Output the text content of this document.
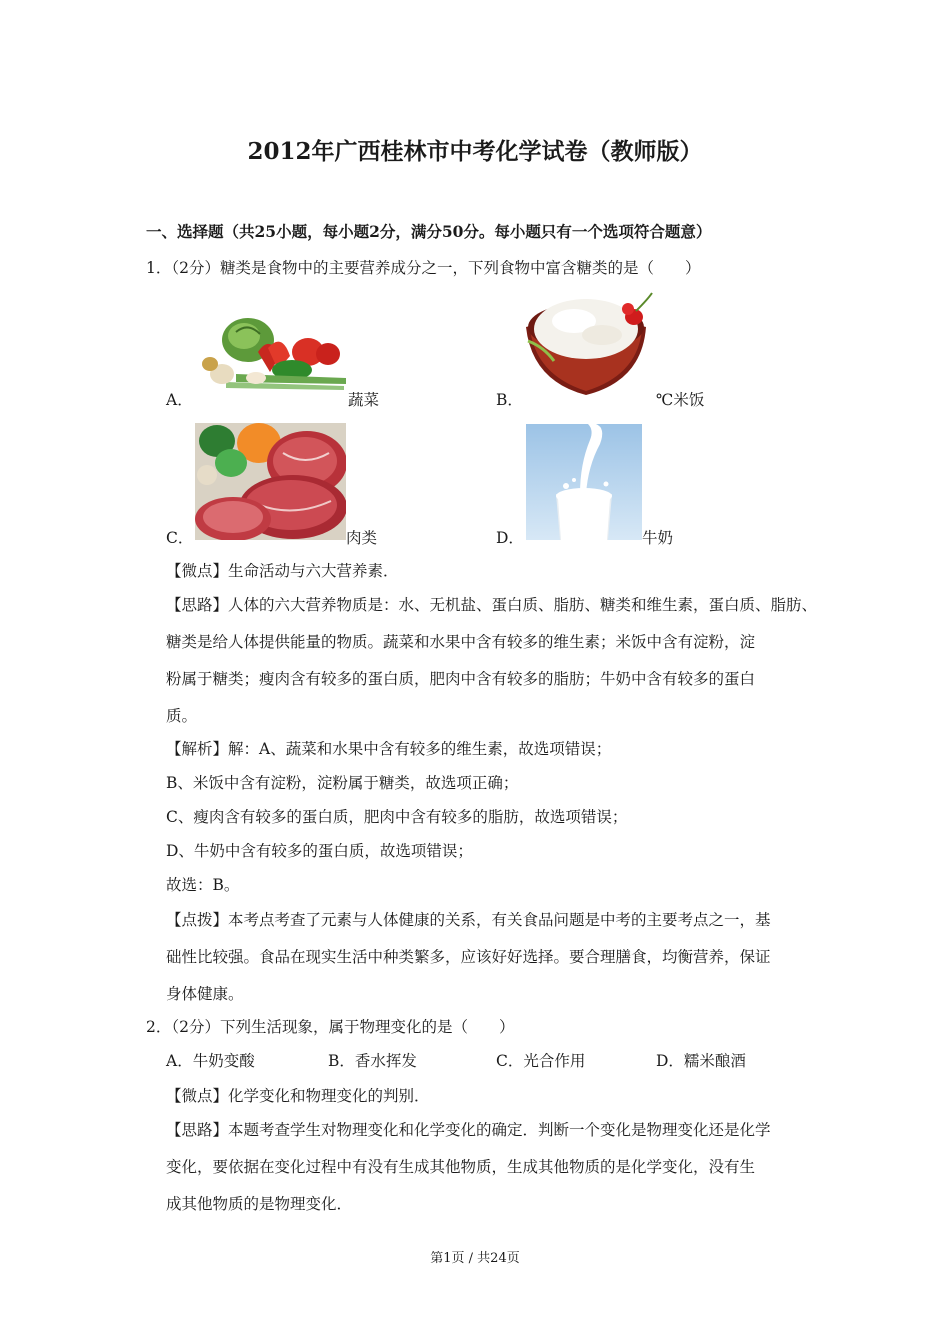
2012年广西桂林市中考化学试卷（教师版）
一、选择题（共25小题，每小题2分，满分50分。每小题只有一个选项符合题意）
1．（2分）糖类是食物中的主要营养成分之一，下列食物中富含糖类的是（　　）
A．	蔬菜	B．	℃米饭
C．	肉类	D．	牛奶
【微点】生命活动与六大营养素．
【思路】人体的六大营养物质是：水、无机盐、蛋白质、脂肪、糖类和维生素，蛋白质、脂肪、
糖类是给人体提供能量的物质。蔬菜和水果中含有较多的维生素；米饭中含有淀粉，淀
粉属于糖类；瘦肉含有较多的蛋白质，肥肉中含有较多的脂肪；牛奶中含有较多的蛋白
质。
【解析】解：A、蔬菜和水果中含有较多的维生素，故选项错误；
B、米饭中含有淀粉，淀粉属于糖类，故选项正确；
C、瘦肉含有较多的蛋白质，肥肉中含有较多的脂肪，故选项错误；
D、牛奶中含有较多的蛋白质，故选项错误；
故选：B。
【点拨】本考点考查了元素与人体健康的关系，有关食品问题是中考的主要考点之一，基
础性比较强。食品在现实生活中种类繁多，应该好好选择。要合理膳食，均衡营养，保证
身体健康。
2．（2分）下列生活现象，属于物理变化的是（　　）
A．牛奶变酸	B．香水挥发	C．光合作用	D．糯米酿酒
【微点】化学变化和物理变化的判别．
【思路】本题考查学生对物理变化和化学变化的确定．判断一个变化是物理变化还是化学
变化，要依据在变化过程中有没有生成其他物质，生成其他物质的是化学变化，没有生
成其他物质的是物理变化．
第1页 / 共24页
